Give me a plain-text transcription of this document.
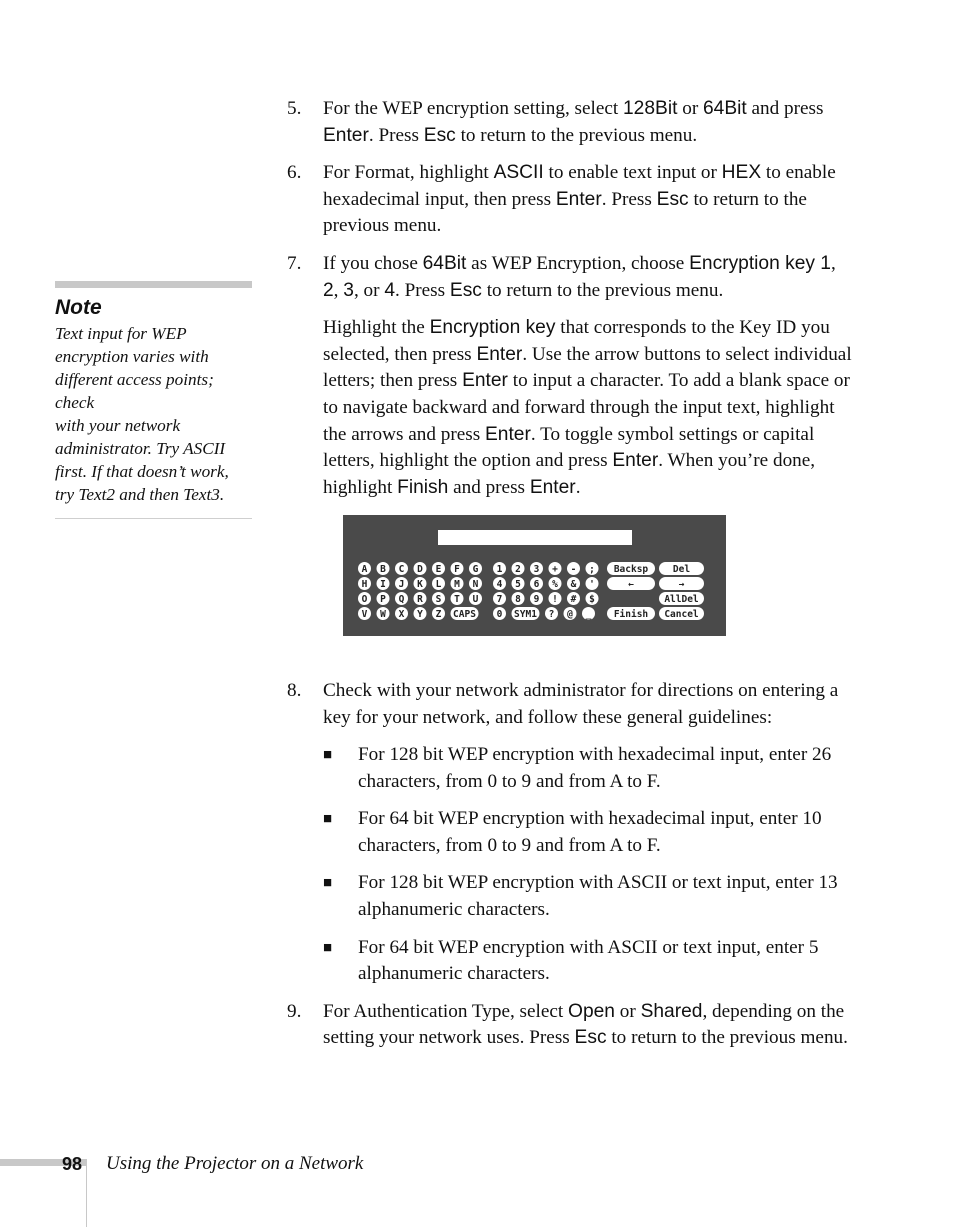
Note
Text input for WEP
encryption varies with
different access points; check
with your network
administrator. Try ASCII
first. If that doesn’t work,
try Text2 and then Text3.
5.	For the WEP encryption setting, select 128Bit or 64Bit and press Enter. Press Esc to return to the previous menu.
6.	For Format, highlight ASCII to enable text input or HEX to enable hexadecimal input, then press Enter. Press Esc to return to the previous menu.
7.	If you chose 64Bit as WEP Encryption, choose Encryption key 1, 2, 3, or 4. Press Esc to return to the previous menu.

Highlight the Encryption key that corresponds to the Key ID you selected, then press Enter. Use the arrow buttons to select individual letters; then press Enter to input a character. To add a blank space or to navigate backward and forward through the input text, highlight the arrows and press Enter. To toggle symbol settings or capital letters, highlight the option and press Enter. When you’re done, highlight Finish and press Enter.

A B C D E F G
H I J K L M N
O P Q R S T U
V W X Y Z CAPS
1 2 3 + - ;
4 5 6 % & '
7 8 9 ! # $
0 SYM1 ? @ _
Backsp	Del
←	→
AllDel
Finish Cancel
8.	Check with your network administrator for directions on entering a key for your network, and follow these general guidelines:

■	For 128 bit WEP encryption with hexadecimal input, enter 26 characters, from 0 to 9 and from A to F.
■	For 64 bit WEP encryption with hexadecimal input, enter 10 characters, from 0 to 9 and from A to F.
■	For 128 bit WEP encryption with ASCII or text input, enter 13 alphanumeric characters.
■	For 64 bit WEP encryption with ASCII or text input, enter 5 alphanumeric characters.
9.	For Authentication Type, select Open or Shared, depending on the setting your network uses. Press Esc to return to the previous menu.
98 Using the Projector on a Network
